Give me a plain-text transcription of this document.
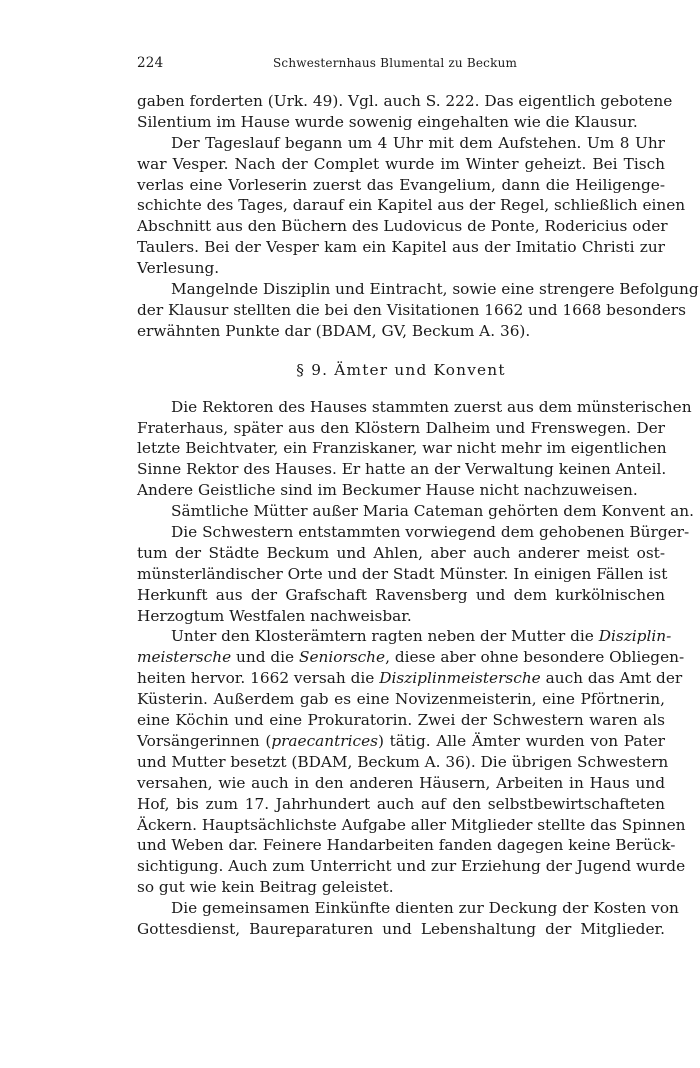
224	Schwesternhaus Blumental zu Beckum
gaben forderten (Urk. 49). Vgl. auch S. 222. Das eigentlich gebotene
Silentium im Hause wurde sowenig eingehalten wie die Klausur.
Der Tageslauf begann um 4 Uhr mit dem Aufstehen. Um 8 Uhr
war Vesper. Nach der Complet wurde im Winter geheizt. Bei Tisch
verlas eine Vorleserin zuerst das Evangelium, dann die Heiligenge-
schichte des Tages, darauf ein Kapitel aus der Regel, schließlich einen
Abschnitt aus den Büchern des Ludovicus de Ponte, Rodericius oder
Taulers. Bei der Vesper kam ein Kapitel aus der Imitatio Christi zur
Verlesung.
Mangelnde Disziplin und Eintracht, sowie eine strengere Befolgung
der Klausur stellten die bei den Visitationen 1662 und 1668 besonders
erwähnten Punkte dar (BDAM, GV, Beckum A. 36).
§ 9. Ämter und Konvent
Die Rektoren des Hauses stammten zuerst aus dem münsterischen
Fraterhaus, später aus den Klöstern Dalheim und Frenswegen. Der
letzte Beichtvater, ein Franziskaner, war nicht mehr im eigentlichen
Sinne Rektor des Hauses. Er hatte an der Verwaltung keinen Anteil.
Andere Geistliche sind im Beckumer Hause nicht nachzuweisen.
Sämtliche Mütter außer Maria Cateman gehörten dem Konvent an.
Die Schwestern entstammten vorwiegend dem gehobenen Bürger-
tum der Städte Beckum und Ahlen, aber auch anderer meist ost-
münsterländischer Orte und der Stadt Münster. In einigen Fällen ist
Herkunft aus der Grafschaft Ravensberg und dem kurkölnischen
Herzogtum Westfalen nachweisbar.
Unter den Klosterämtern ragten neben der Mutter die Disziplin-
meistersche und die Seniorsche, diese aber ohne besondere Obliegen-
heiten hervor. 1662 versah die Disziplinmeistersche auch das Amt der
Küsterin. Außerdem gab es eine Novizenmeisterin, eine Pförtnerin,
eine Köchin und eine Prokuratorin. Zwei der Schwestern waren als
Vorsängerinnen (praecantrices) tätig. Alle Ämter wurden von Pater
und Mutter besetzt (BDAM, Beckum A. 36). Die übrigen Schwestern
versahen, wie auch in den anderen Häusern, Arbeiten in Haus und
Hof, bis zum 17. Jahrhundert auch auf den selbstbewirtschafteten
Äckern. Hauptsächlichste Aufgabe aller Mitglieder stellte das Spinnen
und Weben dar. Feinere Handarbeiten fanden dagegen keine Berück-
sichtigung. Auch zum Unterricht und zur Erziehung der Jugend wurde
so gut wie kein Beitrag geleistet.
Die gemeinsamen Einkünfte dienten zur Deckung der Kosten von
Gottesdienst, Baureparaturen und Lebenshaltung der Mitglieder.
